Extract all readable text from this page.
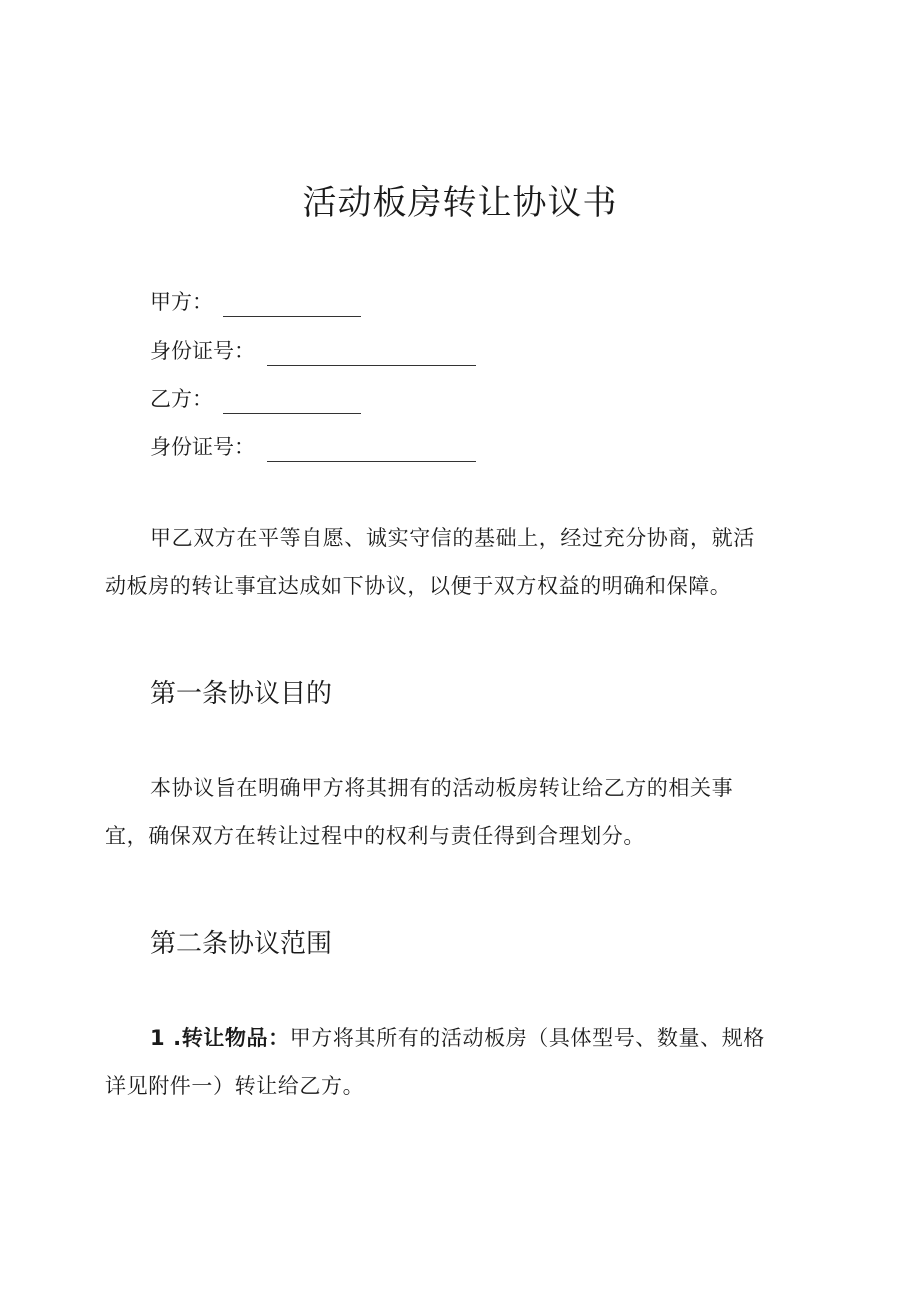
活动板房转让协议书
甲方：
身份证号：
乙方：
身份证号：
甲乙双方在平等自愿、诚实守信的基础上，经过充分协商，就活
动板房的转让事宜达成如下协议，以便于双方权益的明确和保障。
第一条协议目的
本协议旨在明确甲方将其拥有的活动板房转让给乙方的相关事
宜，确保双方在转让过程中的权利与责任得到合理划分。
第二条协议范围
1 .转让物品：甲方将其所有的活动板房（具体型号、数量、规格
详见附件一）转让给乙方。
